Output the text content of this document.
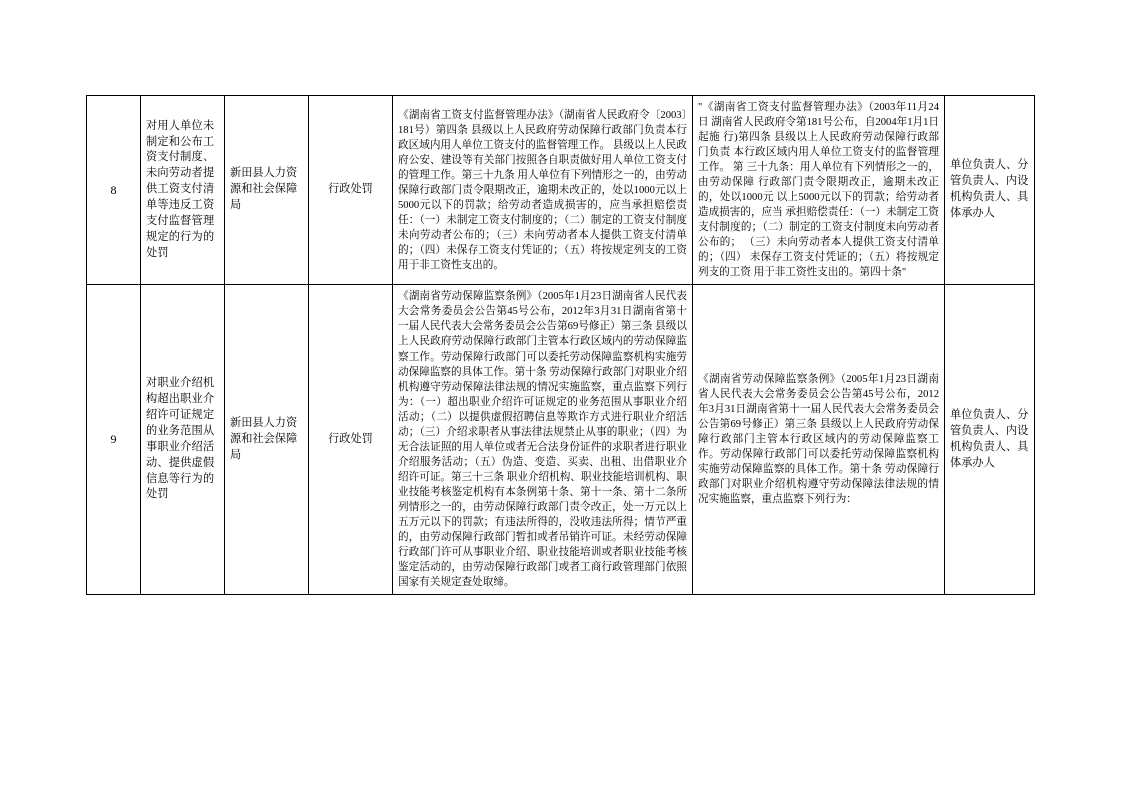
8	对用人单位未制定和公布工资支付制度、未向劳动者提供工资支付清单等违反工资支付监督管理规定的行为的处罚	新田县人力资源和社会保障局	行政处罚	《湖南省工资支付监督管理办法》（湖南省人民政府令〔2003〕181号）第四条 县级以上人民政府劳动保障行政部门负责本行政区域内用人单位工资支付的监督管理工作。 县级以上人民政府公安、建设等有关部门按照各自职责做好用人单位工资支付的管理工作。第三十九条 用人单位有下列情形之一的，由劳动保障行政部门责令限期改正，逾期未改正的，处以1000元以上5000元以下的罚款；给劳动者造成损害的，应当承担赔偿责任：（一）未制定工资支付制度的；（二）制定的工资支付制度未向劳动者公布的；（三）未向劳动者本人提供工资支付清单的；（四）未保存工资支付凭证的；（五）将按规定列支的工资用于非工资性支出的。	"《湖南省工资支付监督管理办法》（2003年11月24日 湖南省人民政府令第181号公布，自2004年1月1日起施 行)第四条 县级以上人民政府劳动保障行政部门负责 本行政区域内用人单位工资支付的监督管理工作。 第 三十九条：用人单位有下列情形之一的，由劳动保障 行政部门责令限期改正，逾期未改正的，处以1000元 以上5000元以下的罚款；给劳动者造成损害的，应当 承担赔偿责任：（一）未制定工资支付制度的；（二）制定的工资支付制度未向劳动者公布的； （三）未向劳动者本人提供工资支付清单的；（四） 未保存工资支付凭证的；（五）将按规定列支的工资 用于非工资性支出的。第四十条"	单位负责人、分管负责人、内设机构负责人、具体承办人
9	对职业介绍机构超出职业介绍许可证规定的业务范围从事职业介绍活动、提供虚假信息等行为的处罚	新田县人力资源和社会保障局	行政处罚	《湖南省劳动保障监察条例》（2005年1月23日湖南省人民代表大会常务委员会公告第45号公布，2012年3月31日湖南省第十一届人民代表大会常务委员会公告第69号修正）第三条 县级以上人民政府劳动保障行政部门主管本行政区域内的劳动保障监察工作。劳动保障行政部门可以委托劳动保障监察机构实施劳动保障监察的具体工作。第十条 劳动保障行政部门对职业介绍机构遵守劳动保障法律法规的情况实施监察，重点监察下列行为：（一）超出职业介绍许可证规定的业务范围从事职业介绍活动；（二）以提供虚假招聘信息等欺诈方式进行职业介绍活动；（三）介绍求职者从事法律法规禁止从事的职业；（四）为无合法证照的用人单位或者无合法身份证件的求职者进行职业介绍服务活动；（五）伪造、变造、买卖、出租、出借职业介绍许可证。第三十三条 职业介绍机构、职业技能培训机构、职业技能考核鉴定机构有本条例第十条、第十一条、第十二条所列情形之一的，由劳动保障行政部门责令改正，处一万元以上五万元以下的罚款；有违法所得的，没收违法所得；情节严重的，由劳动保障行政部门暂扣或者吊销许可证。未经劳动保障行政部门许可从事职业介绍、职业技能培训或者职业技能考核鉴定活动的，由劳动保障行政部门或者工商行政管理部门依照国家有关规定查处取缔。	《湖南省劳动保障监察条例》（2005年1月23日湖南省人民代表大会常务委员会公告第45号公布，2012年3月31日湖南省第十一届人民代表大会常务委员会公告第69号修正）第三条 县级以上人民政府劳动保障行政部门主管本行政区域内的劳动保障监察工作。劳动保障行政部门可以委托劳动保障监察机构实施劳动保障监察的具体工作。第十条 劳动保障行政部门对职业介绍机构遵守劳动保障法律法规的情况实施监察，重点监察下列行为：	单位负责人、分管负责人、内设机构负责人、具体承办人
